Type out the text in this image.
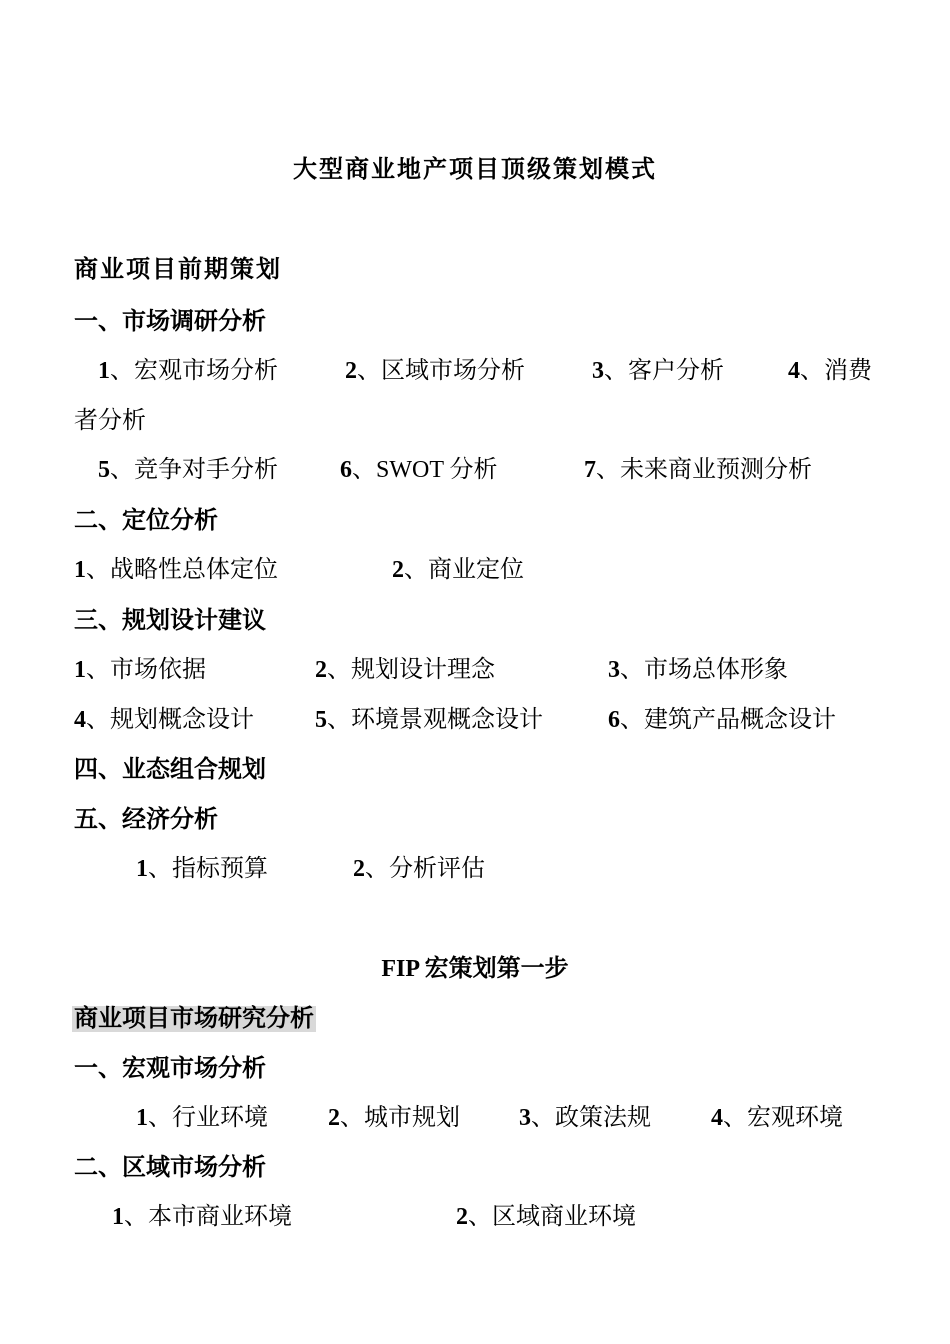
大型商业地产项目顶级策划模式
商业项目前期策划
一、市场调研分析
1、宏观市场分析	2、区域市场分析	3、客户分析	4、消费
者分析
5、竞争对手分析	6、SWOT 分析	7、未来商业预测分析
二、定位分析
1、战略性总体定位	2、商业定位
三、规划设计建议
1、市场依据	2、规划设计理念	3、市场总体形象
4、规划概念设计	5、环境景观概念设计	6、建筑产品概念设计
四、业态组合规划
五、经济分析
1、指标预算	2、分析评估
FIP 宏策划第一步
商业项目市场研究分析
一、宏观市场分析
1、行业环境	2、城市规划 3、政策法规	4、宏观环境
二、区域市场分析
1、本市商业环境	2、区域商业环境
